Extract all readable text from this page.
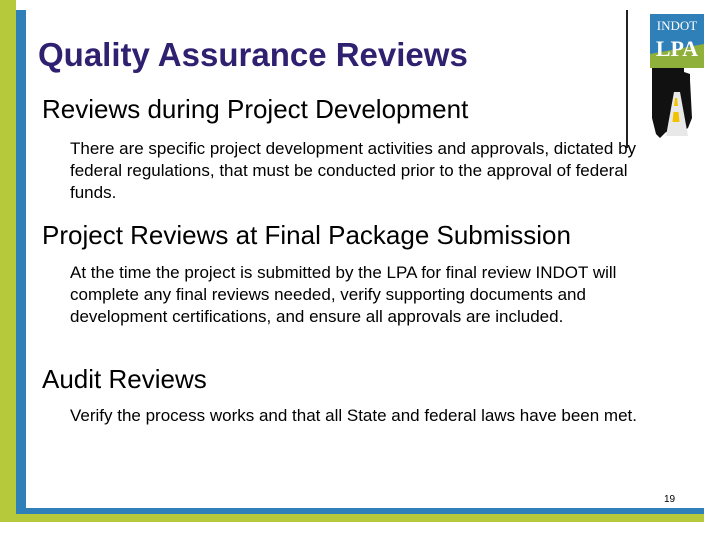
Quality Assurance Reviews
INDOT
LPA
Reviews during Project Development
There are specific project development activities and approvals, dictated by federal regulations, that must be conducted prior to the approval of federal funds.
Project Reviews at Final Package Submission
At the time the project is submitted by the LPA for final review INDOT will complete any final reviews needed, verify supporting documents and development certifications, and ensure all approvals are included.
Audit Reviews
Verify the process works and that all State and federal laws have been met.
19
